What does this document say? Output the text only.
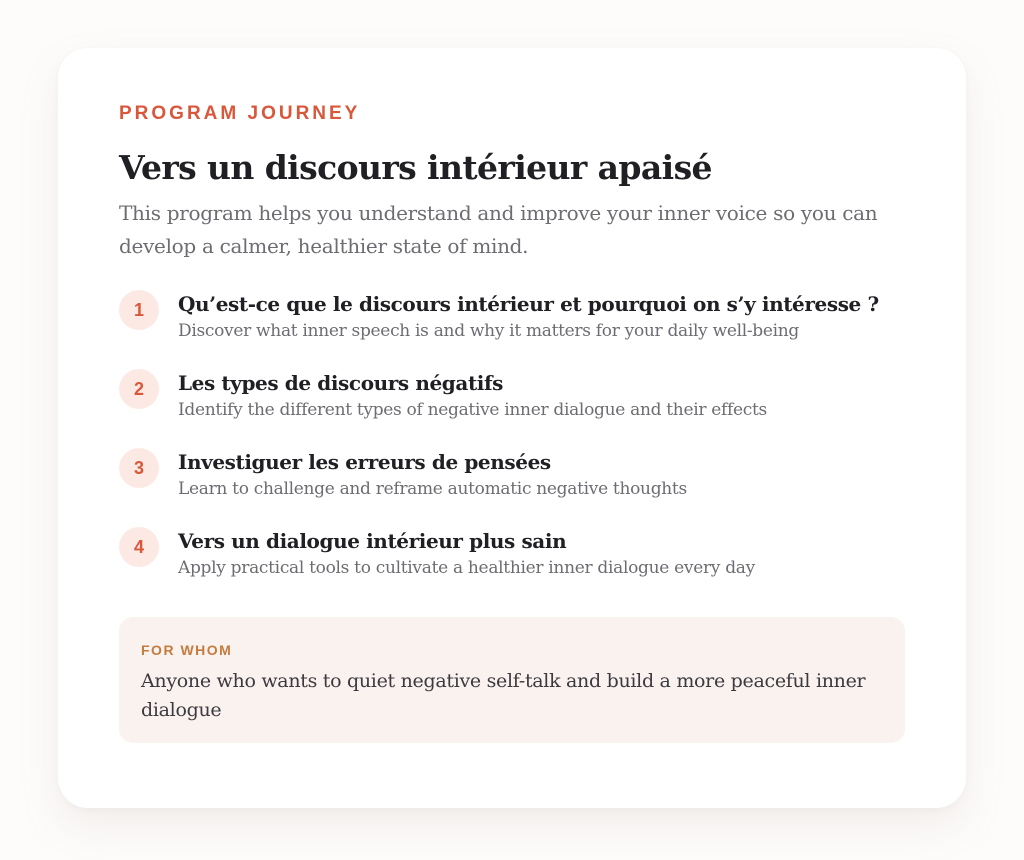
PROGRAM JOURNEY

Vers un discours intérieur apaisé

This program helps you understand and improve your inner voice so you can develop a calmer, healthier state of mind.

1	Qu’est-ce que le discours intérieur et pourquoi on s’y intéresse ?
Discover what inner speech is and why it matters for your daily well-being
2	Les types de discours négatifs
Identify the different types of negative inner dialogue and their effects
3	Investiguer les erreurs de pensées
Learn to challenge and reframe automatic negative thoughts
4	Vers un dialogue intérieur plus sain
Apply practical tools to cultivate a healthier inner dialogue every day
FOR WHOM
Anyone who wants to quiet negative self-talk and build a more peaceful inner dialogue
